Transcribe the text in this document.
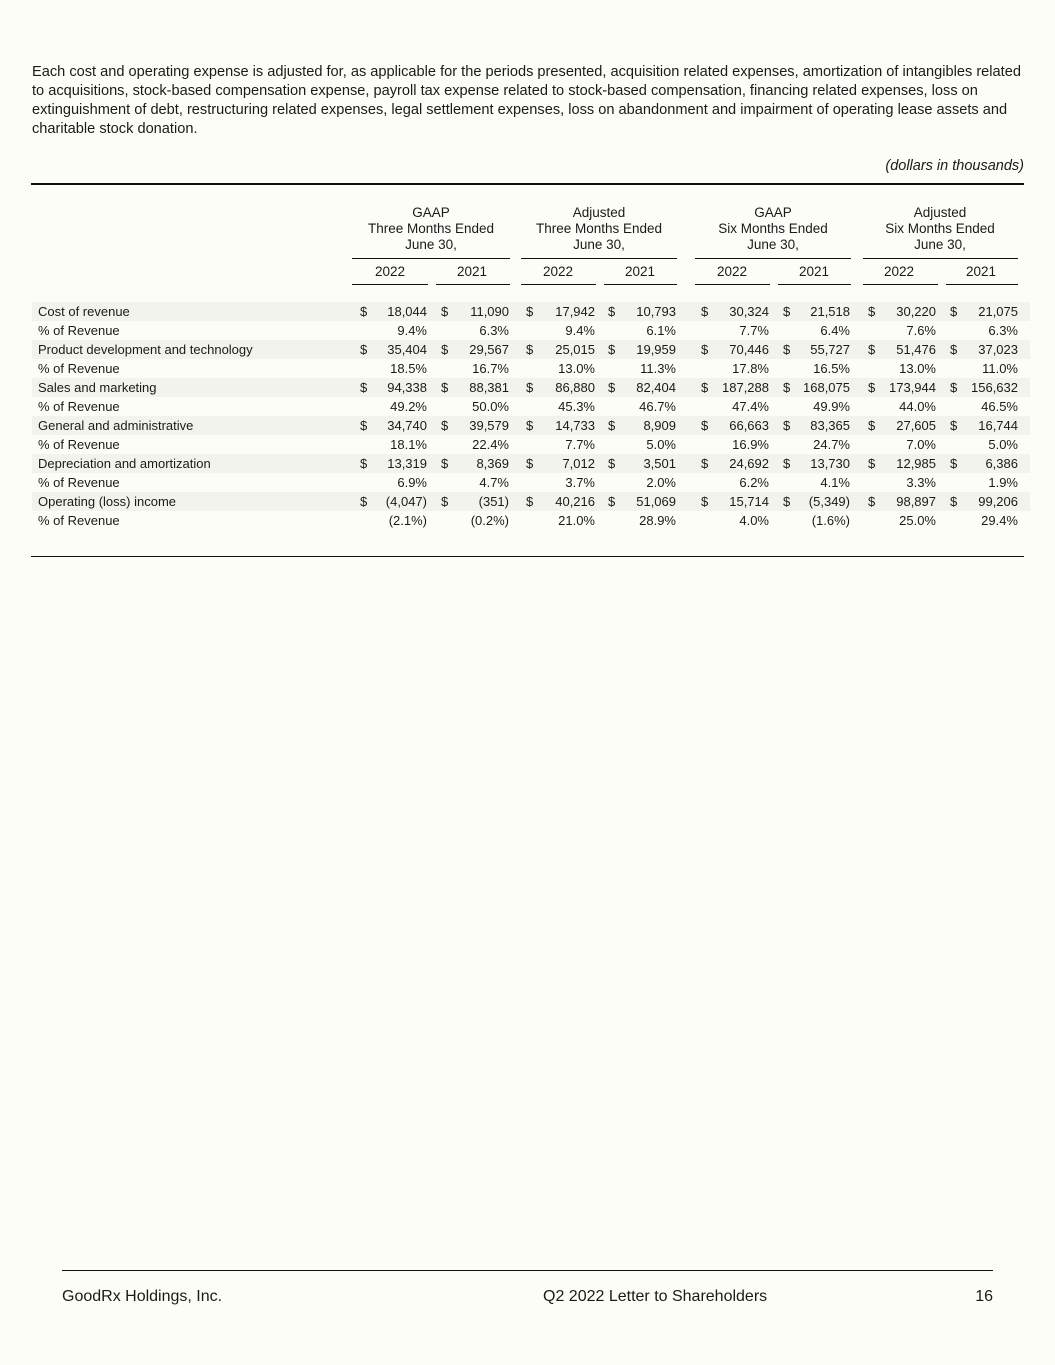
Each cost and operating expense is adjusted for, as applicable for the periods presented, acquisition related expenses, amortization of intangibles related to acquisitions, stock-based compensation expense, payroll tax expense related to stock-based compensation, financing related expenses, loss on extinguishment of debt, restructuring related expenses, legal settlement expenses, loss on abandonment and impairment of operating lease assets and charitable stock donation.

(dollars in thousands)
GAAP
Three Months Ended
June 30,
Adjusted
Three Months Ended
June 30,
GAAP
Six Months Ended
June 30,
Adjusted
Six Months Ended
June 30,
2022	2021	2022	2021	2022	2021	2022	2021
Cost of revenue	$	18,044 $	11,090 $	17,942 $	10,793 $	30,324 $	21,518 $	30,220 $	21,075
% of Revenue	9.4%	6.3%	9.4%	6.1%	7.7%	6.4%	7.6%	6.3%
Product development and technology	$	35,404 $	29,567 $	25,015 $	19,959 $	70,446 $	55,727 $	51,476 $	37,023
% of Revenue	18.5%	16.7%	13.0%	11.3%	17.8%	16.5%	13.0%	11.0%
Sales and marketing	$	94,338 $	88,381 $	86,880 $	82,404 $	187,288 $ 168,075 $	173,944 $	156,632
% of Revenue	49.2%	50.0%	45.3%	46.7%	47.4%	49.9%	44.0%	46.5%
General and administrative	$	34,740 $	39,579 $	14,733 $	8,909 $	66,663 $	83,365 $	27,605 $	16,744
% of Revenue	18.1%	22.4%	7.7%	5.0%	16.9%	24.7%	7.0%	5.0%
Depreciation and amortization	$	13,319 $	8,369 $	7,012 $	3,501 $	24,692 $	13,730 $	12,985 $	6,386
% of Revenue	6.9%	4.7%	3.7%	2.0%	6.2%	4.1%	3.3%	1.9%
Operating (loss) income	$	(4,047) $	(351) $	40,216 $	51,069 $	15,714 $	(5,349) $	98,897 $	99,206
% of Revenue	(2.1%)	(0.2%)	21.0%	28.9%	4.0%	(1.6%)	25.0%	29.4%
GoodRx Holdings, Inc.	Q2 2022 Letter to Shareholders	16
